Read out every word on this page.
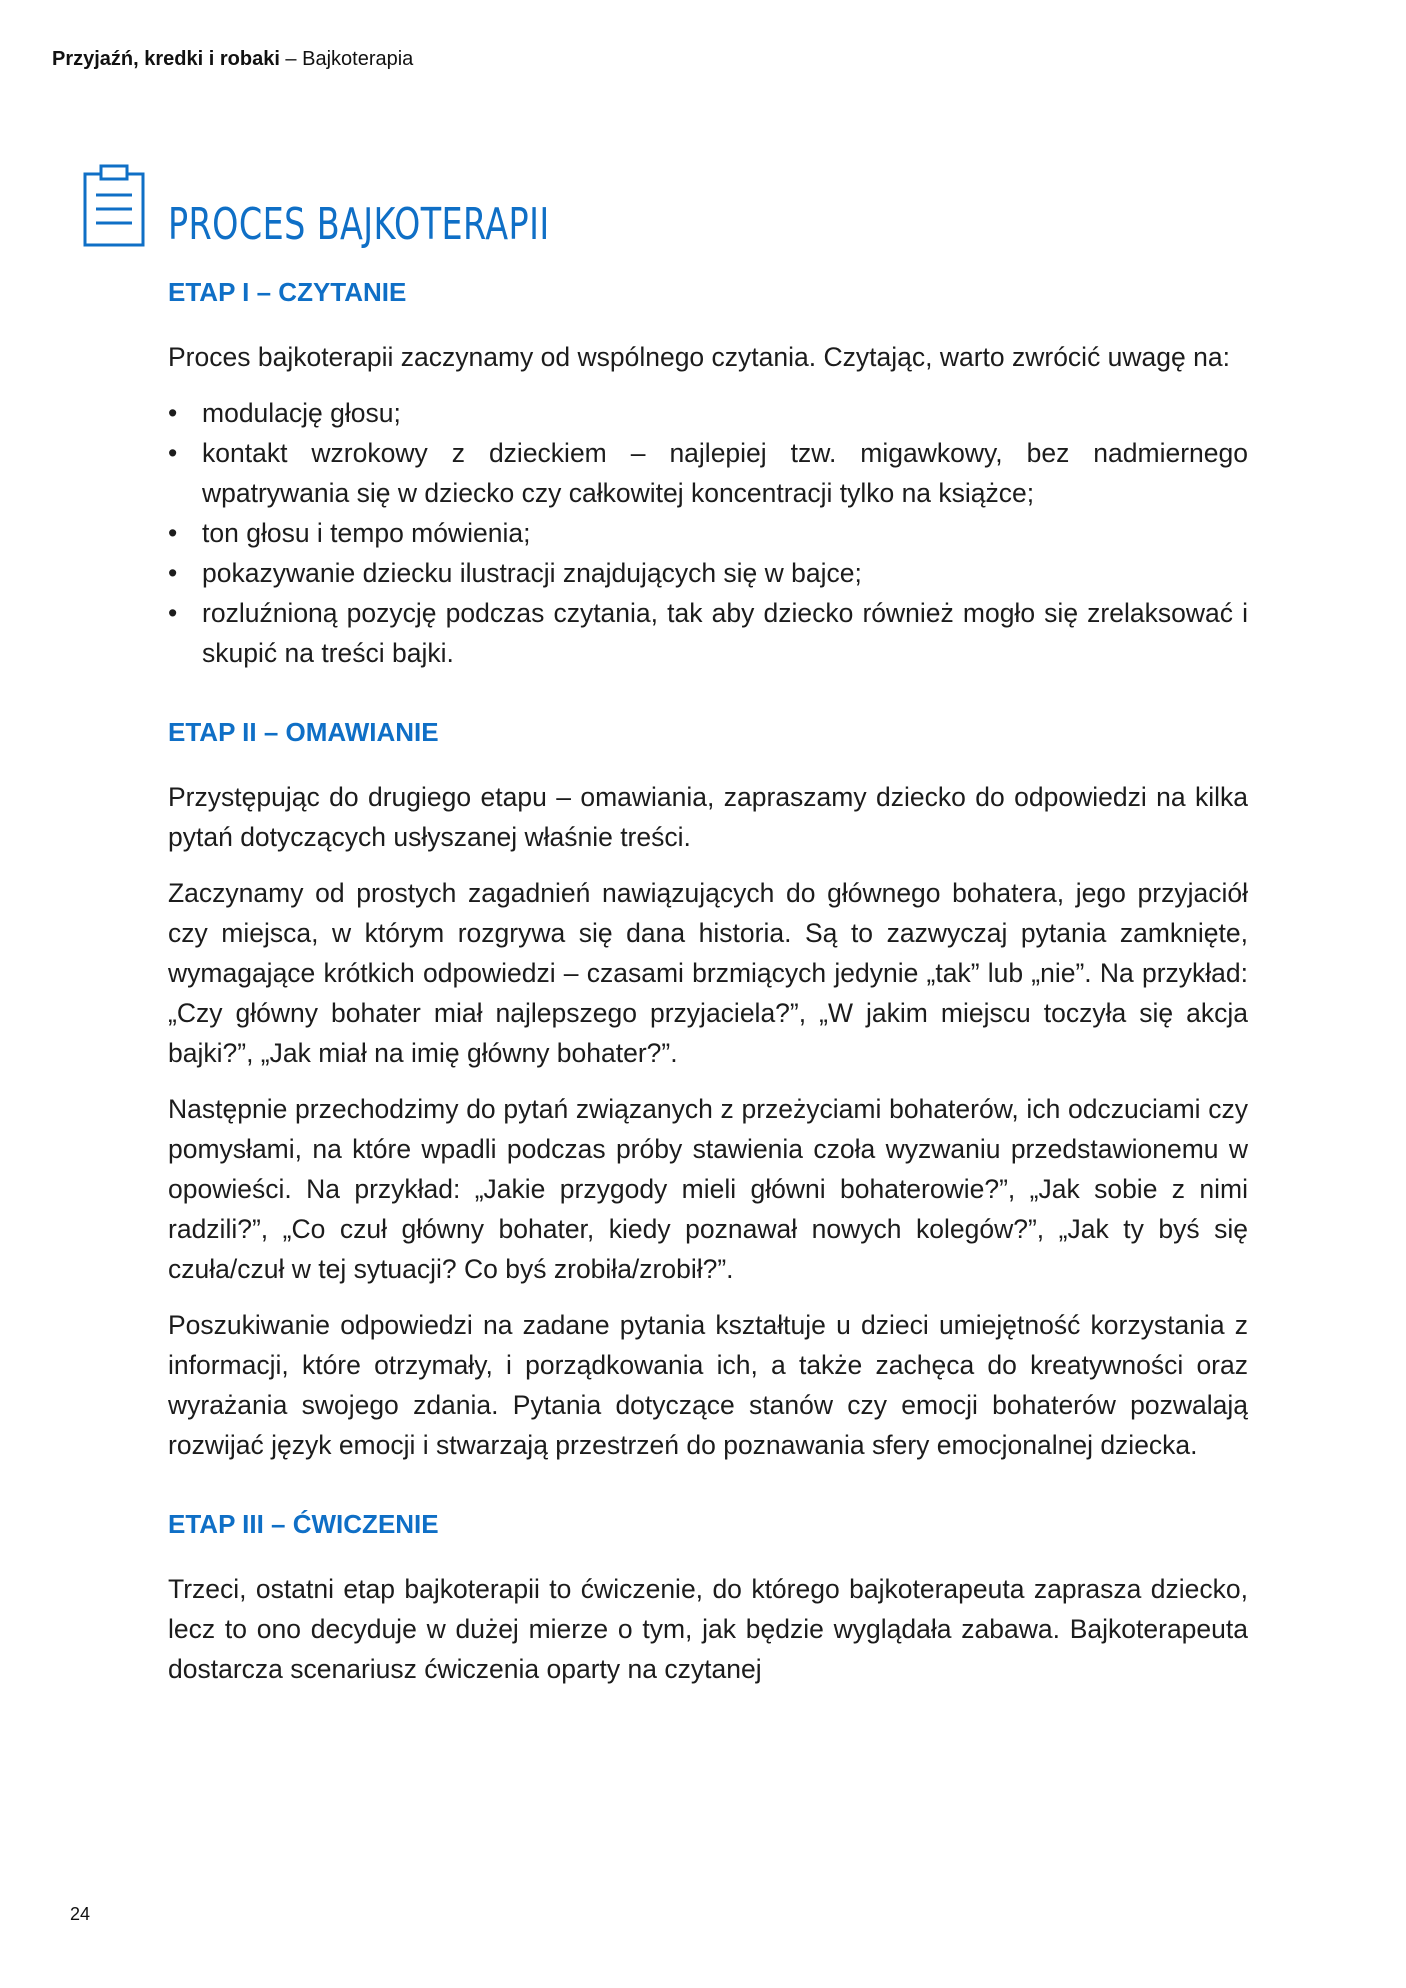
Przyjaźń, kredki i robaki – Bajkoterapia
PROCES BAJKOTERAPII
ETAP I – CZYTANIE

Proces bajkoterapii zaczynamy od wspólnego czytania. Czytając, warto zwrócić uwagę na:

• modulację głosu;
• kontakt wzrokowy z dzieckiem – najlepiej tzw. migawkowy, bez nadmiernego wpatrywania się w dziecko czy całkowitej koncentracji tylko na książce;
• ton głosu i tempo mówienia;
• pokazywanie dziecku ilustracji znajdujących się w bajce;
• rozluźnioną pozycję podczas czytania, tak aby dziecko również mogło się zrelaksować i skupić na treści bajki.
ETAP II – OMAWIANIE

Przystępując do drugiego etapu – omawiania, zapraszamy dziecko do odpowiedzi na kilka pytań dotyczących usłyszanej właśnie treści.

Zaczynamy od prostych zagadnień nawiązujących do głównego bohatera, jego przyjaciół czy miejsca, w którym rozgrywa się dana historia. Są to zazwyczaj pytania zamknięte, wymagające krótkich odpowiedzi – czasami brzmiących jedynie „tak” lub „nie”. Na przykład: „Czy główny bohater miał najlepszego przyjaciela?”, „W jakim miejscu toczyła się akcja bajki?”, „Jak miał na imię główny bohater?”.

Następnie przechodzimy do pytań związanych z przeżyciami bohaterów, ich odczuciami czy pomysłami, na które wpadli podczas próby stawienia czoła wyzwaniu przedstawionemu w opowieści. Na przykład: „Jakie przygody mieli główni bohaterowie?”, „Jak sobie z nimi radzili?”, „Co czuł główny bohater, kiedy poznawał nowych kolegów?”, „Jak ty byś się czuła/czuł w tej sytuacji? Co byś zrobiła/zrobił?”.

Poszukiwanie odpowiedzi na zadane pytania kształtuje u dzieci umiejętność korzystania z informacji, które otrzymały, i porządkowania ich, a także zachęca do kreatywności oraz wyrażania swojego zdania. Pytania dotyczące stanów czy emocji bohaterów pozwalają rozwijać język emocji i stwarzają przestrzeń do poznawania sfery emocjonalnej dziecka.

ETAP III – ĆWICZENIE

Trzeci, ostatni etap bajkoterapii to ćwiczenie, do którego bajkoterapeuta zaprasza dziecko, lecz to ono decyduje w dużej mierze o tym, jak będzie wyglądała zabawa. Bajkoterapeuta dostarcza scenariusz ćwiczenia oparty na czytanej

24
